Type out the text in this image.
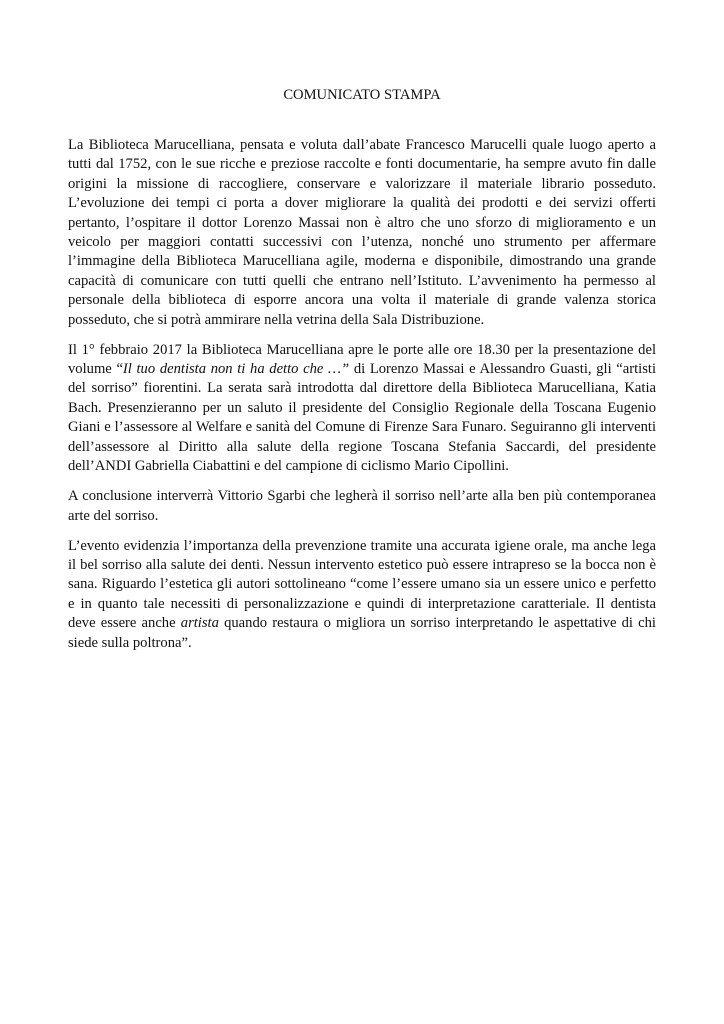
COMUNICATO STAMPA

La Biblioteca Marucelliana, pensata e voluta dall’abate Francesco Marucelli quale luogo aperto a tutti dal 1752, con le sue ricche e preziose raccolte e fonti documentarie, ha sempre avuto fin dalle origini la missione di raccogliere, conservare e valorizzare il materiale librario posseduto. L’evoluzione dei tempi ci porta a dover migliorare la qualità dei prodotti e dei servizi offerti pertanto, l’ospitare il dottor Lorenzo Massai non è altro che uno sforzo di miglioramento e un veicolo per maggiori contatti successivi con l’utenza, nonché uno strumento per affermare l’immagine della Biblioteca Marucelliana agile, moderna e disponibile, dimostrando una grande capacità di comunicare con tutti quelli che entrano nell’Istituto. L’avvenimento ha permesso al personale della biblioteca di esporre ancora una volta il materiale di grande valenza storica posseduto, che si potrà ammirare nella vetrina della Sala Distribuzione.

Il 1° febbraio 2017 la Biblioteca Marucelliana apre le porte alle ore 18.30 per la presentazione del volume “Il tuo dentista non ti ha detto che …” di Lorenzo Massai e Alessandro Guasti, gli “artisti del sorriso” fiorentini. La serata sarà introdotta dal direttore della Biblioteca Marucelliana, Katia Bach. Presenzieranno per un saluto il presidente del Consiglio Regionale della Toscana Eugenio Giani e l’assessore al Welfare e sanità del Comune di Firenze Sara Funaro. Seguiranno gli interventi dell’assessore al Diritto alla salute della regione Toscana Stefania Saccardi, del presidente dell’ANDI Gabriella Ciabattini e del campione di ciclismo Mario Cipollini.

A conclusione interverrà Vittorio Sgarbi che legherà il sorriso nell’arte alla ben più contemporanea arte del sorriso.

L’evento evidenzia l’importanza della prevenzione tramite una accurata igiene orale, ma anche lega il bel sorriso alla salute dei denti. Nessun intervento estetico può essere intrapreso se la bocca non è sana. Riguardo l’estetica gli autori sottolineano “come l’essere umano sia un essere unico e perfetto e in quanto tale necessiti di personalizzazione e quindi di interpretazione caratteriale. Il dentista deve essere anche artista quando restaura o migliora un sorriso interpretando le aspettative di chi siede sulla poltrona”.
